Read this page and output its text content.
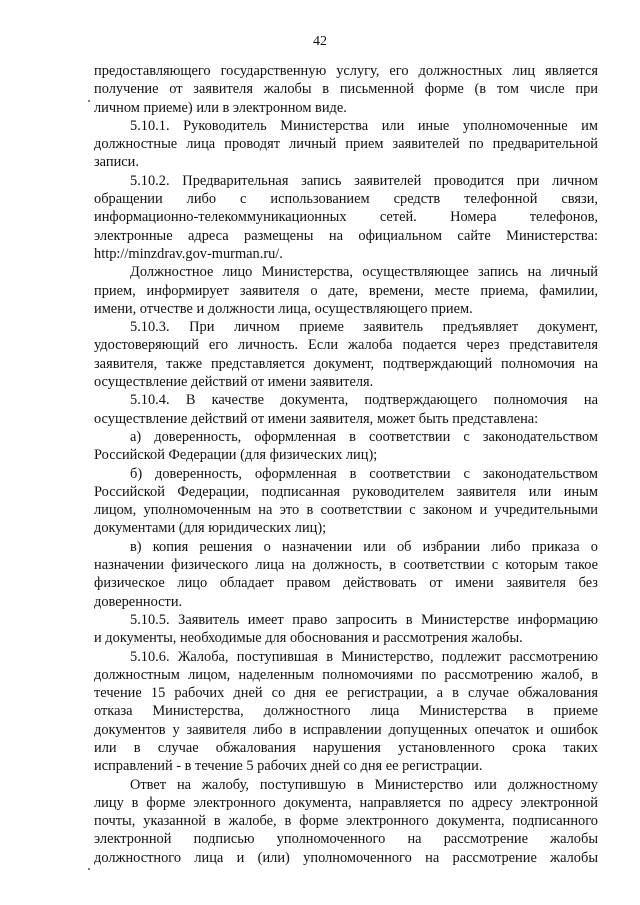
42
предоставляющего государственную услугу, его должностных лиц является
получение от заявителя жалобы в письменной форме (в том числе при
личном приеме) или в электронном виде.
5.10.1. Руководитель Министерства или иные уполномоченные им
должностные лица проводят личный прием заявителей по предварительной
записи.
5.10.2. Предварительная запись заявителей проводится при личном
обращении либо с использованием средств телефонной связи,
информационно-телекоммуникационных сетей. Номера телефонов,
электронные адреса размещены на официальном сайте Министерства:
http://minzdrav.gov-murman.ru/.
Должностное лицо Министерства, осуществляющее запись на личный
прием, информирует заявителя о дате, времени, месте приема, фамилии,
имени, отчестве и должности лица, осуществляющего прием.
5.10.3. При личном приеме заявитель предъявляет документ,
удостоверяющий его личность. Если жалоба подается через представителя
заявителя, также представляется документ, подтверждающий полномочия на
осуществление действий от имени заявителя.
5.10.4. В качестве документа, подтверждающего полномочия на
осуществление действий от имени заявителя, может быть представлена:
а) доверенность, оформленная в соответствии с законодательством
Российской Федерации (для физических лиц);
б) доверенность, оформленная в соответствии с законодательством
Российской Федерации, подписанная руководителем заявителя или иным
лицом, уполномоченным на это в соответствии с законом и учредительными
документами (для юридических лиц);
в) копия решения о назначении или об избрании либо приказа о
назначении физического лица на должность, в соответствии с которым такое
физическое лицо обладает правом действовать от имени заявителя без
доверенности.
5.10.5. Заявитель имеет право запросить в Министерстве информацию
и документы, необходимые для обоснования и рассмотрения жалобы.
5.10.6. Жалоба, поступившая в Министерство, подлежит рассмотрению
должностным лицом, наделенным полномочиями по рассмотрению жалоб, в
течение 15 рабочих дней со дня ее регистрации, а в случае обжалования
отказа Министерства, должностного лица Министерства в приеме
документов у заявителя либо в исправлении допущенных опечаток и ошибок
или в случае обжалования нарушения установленного срока таких
исправлений - в течение 5 рабочих дней со дня ее регистрации.
Ответ на жалобу, поступившую в Министерство или должностному
лицу в форме электронного документа, направляется по адресу электронной
почты, указанной в жалобе, в форме электронного документа, подписанного
электронной подписью уполномоченного на рассмотрение жалобы
должностного лица и (или) уполномоченного на рассмотрение жалобы
